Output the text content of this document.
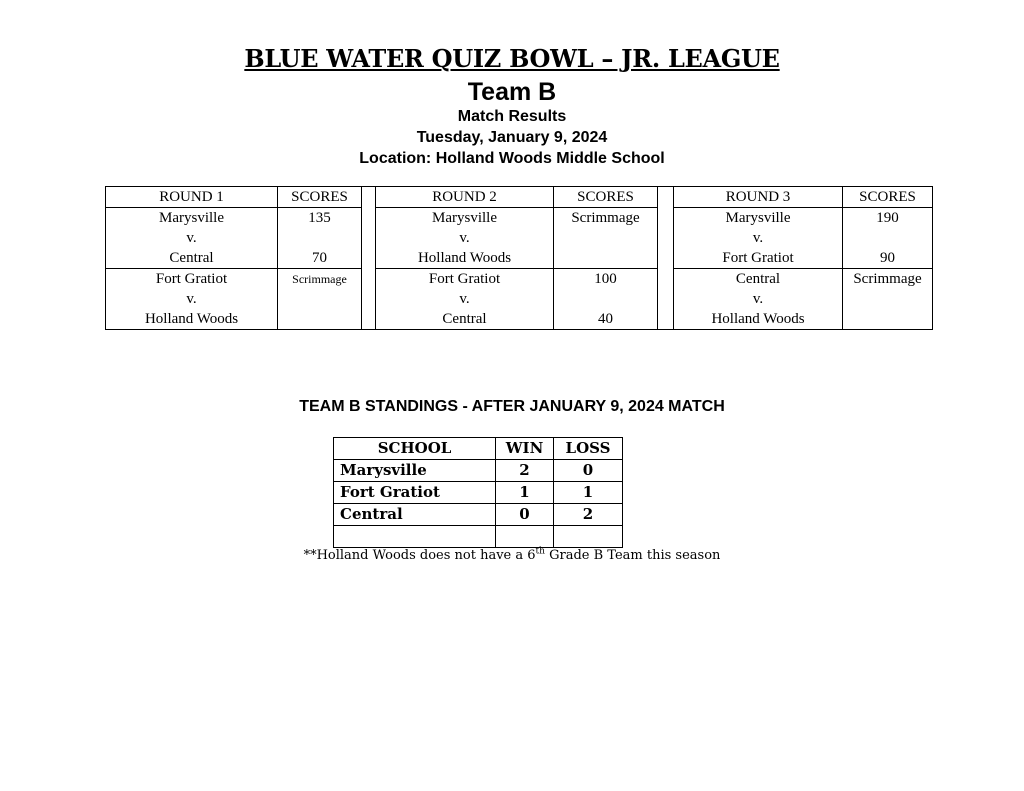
BLUE WATER QUIZ BOWL – JR. LEAGUE
Team B
Match Results
Tuesday, January 9, 2024
Location: Holland Woods Middle School
ROUND 1	SCORES		ROUND 2	SCORES		ROUND 3	SCORES
Marysville	135		Marysville	Scrimmage		Marysville	190
v.			v.			v.	
Central	70		Holland Woods			Fort Gratiot	90
Fort Gratiot	Scrimmage		Fort Gratiot	100		Central	Scrimmage
v.			v.			v.	
Holland Woods			Central	40		Holland Woods	
TEAM B STANDINGS - AFTER JANUARY 9, 2024 MATCH
SCHOOL	WIN	LOSS
Marysville	2	0
Fort Gratiot	1	1
Central	0	2

**Holland Woods does not have a 6th Grade B Team this season
